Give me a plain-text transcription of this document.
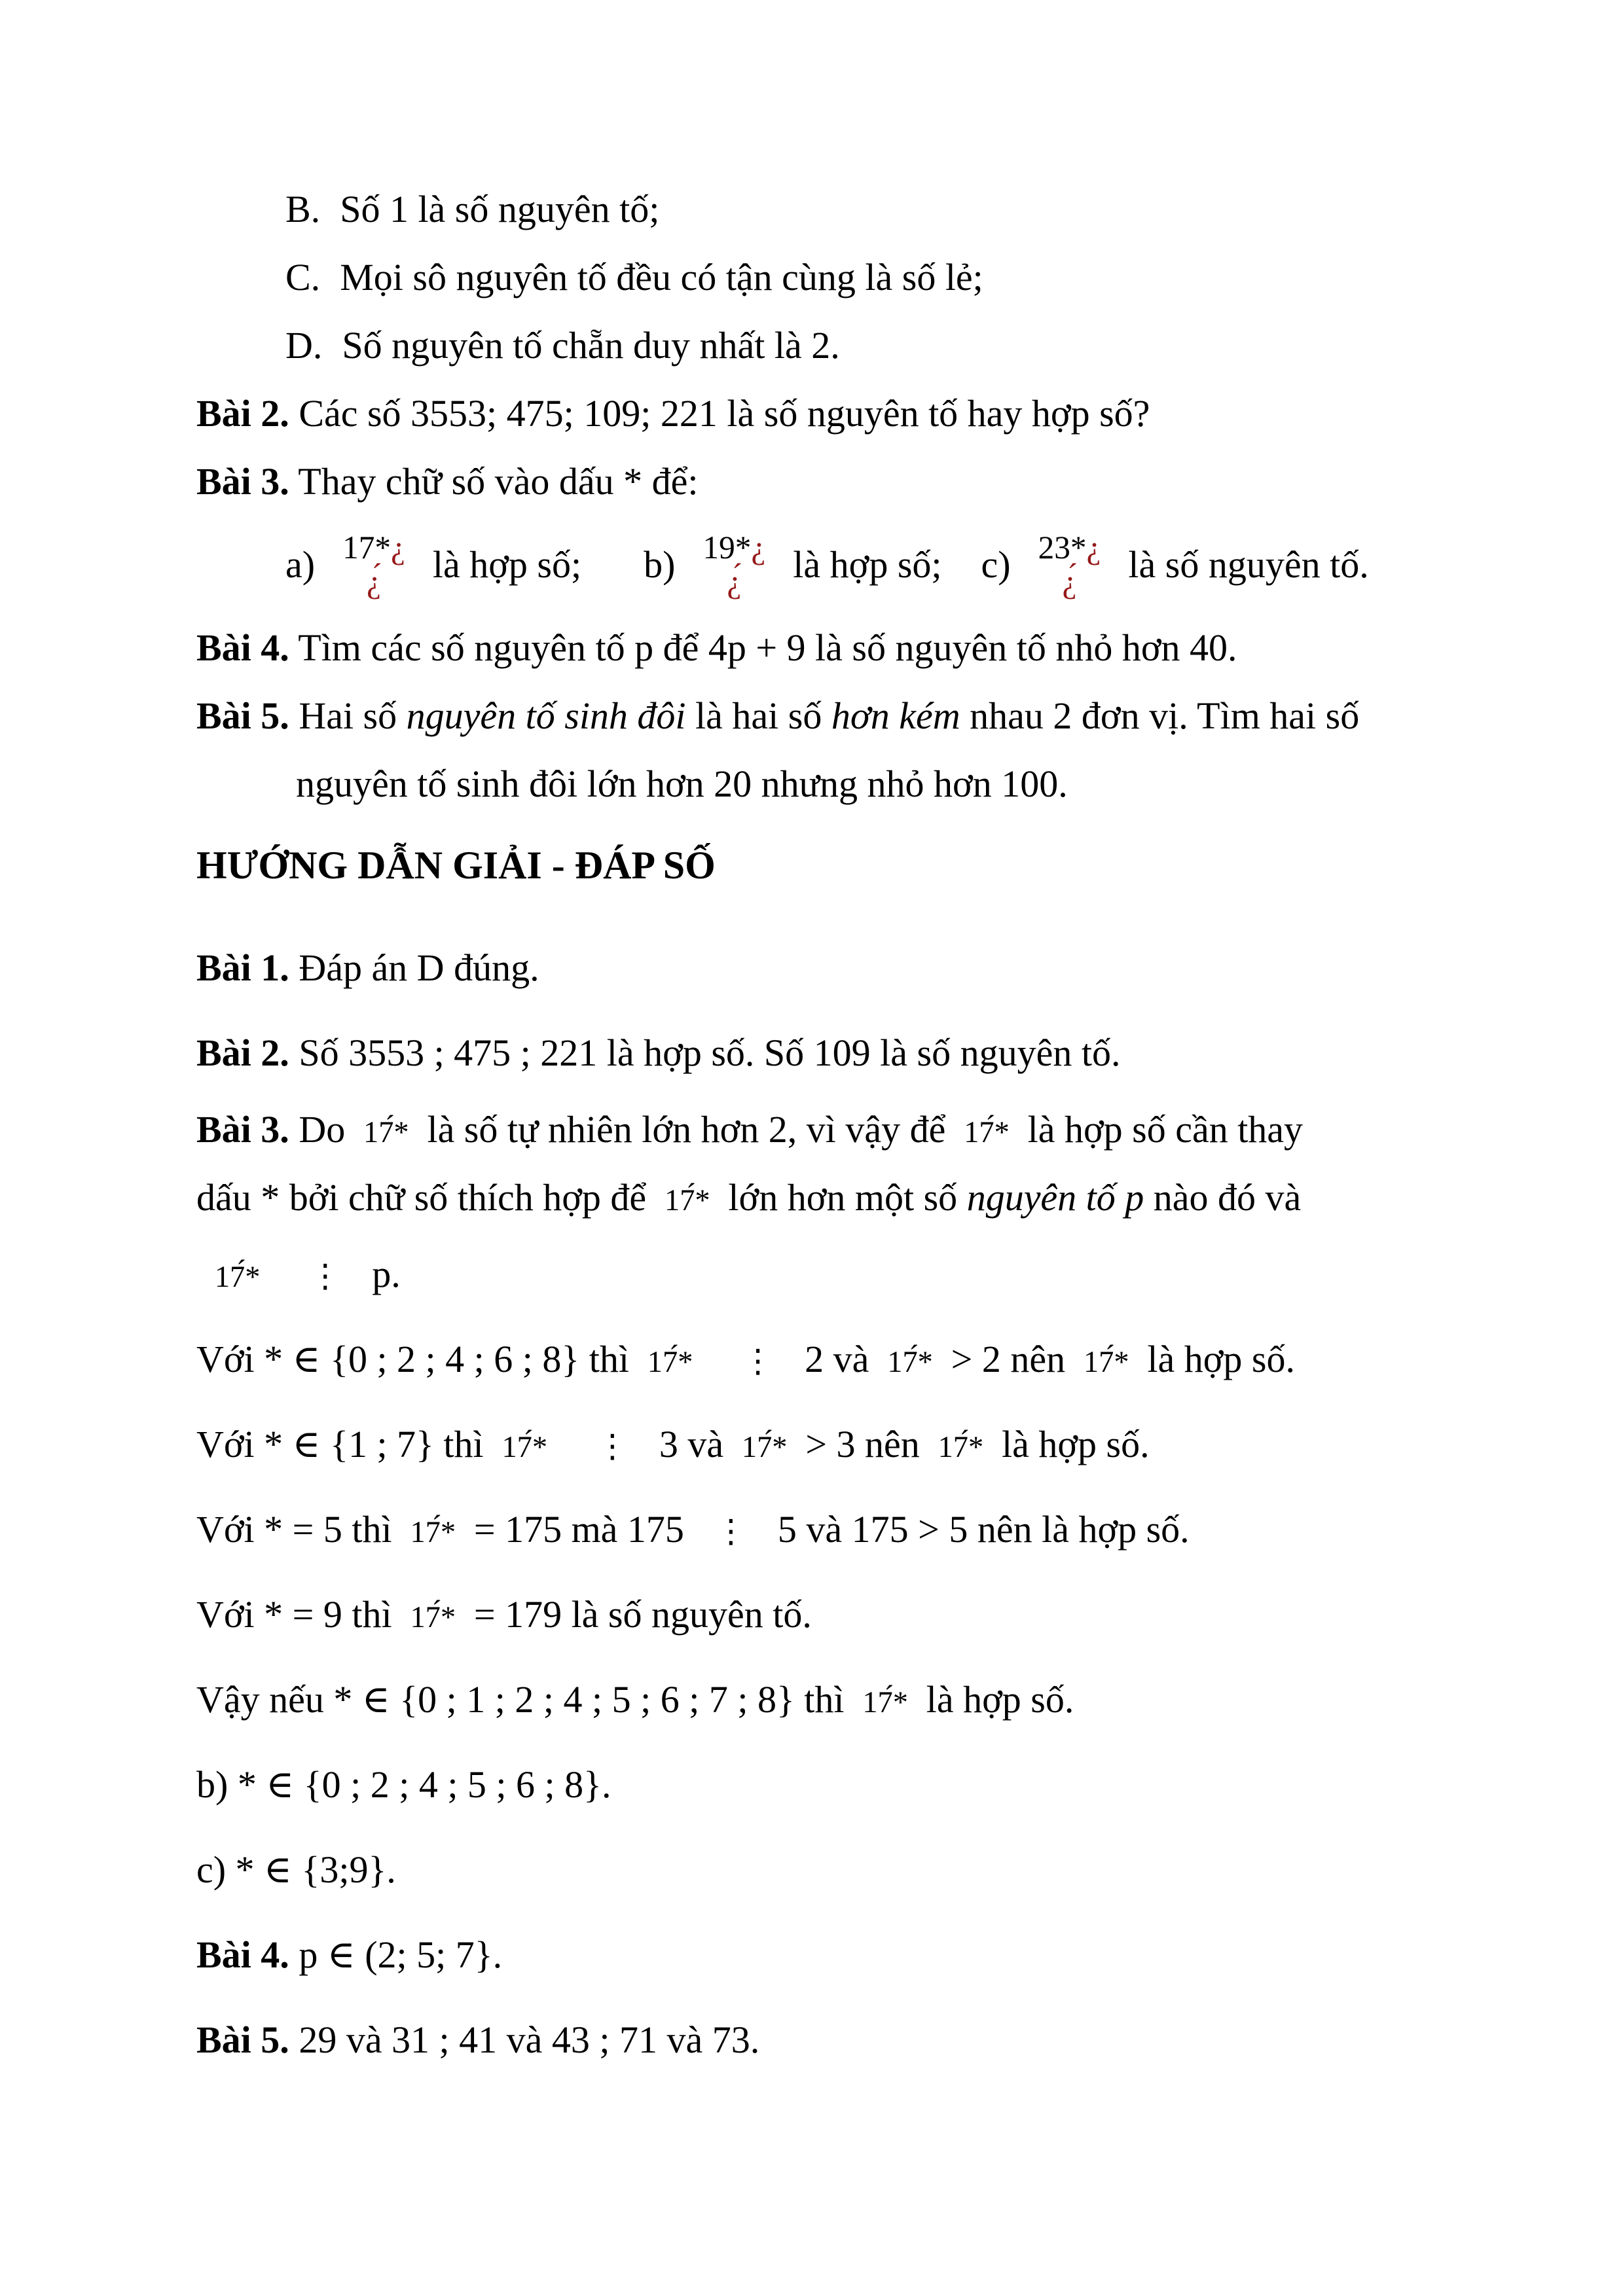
B. Số 1 là số nguyên tố;
C. Mọi sô nguyên tố đều có tận cùng là số lẻ;
D. Số nguyên tố chẵn duy nhất là 2.
Bài 2. Các số 3553; 475; 109; 221 là số nguyên tố hay hợp số?
Bài 3. Thay chữ số vào dấu * để:
a) 17*¿
¿́ là hợp số; b) 19*¿
¿́ là hợp số; c) 23*¿
¿́ là số nguyên tố.
Bài 4. Tìm các số nguyên tố p để 4p + 9 là số nguyên tố nhỏ hơn 40.
Bài 5. Hai số nguyên tố sinh đôi là hai số hơn kém nhau 2 đơn vị. Tìm hai số
nguyên tố sinh đôi lớn hơn 20 nhưng nhỏ hơn 100.
HƯỚNG DẪN GIẢI - ĐÁP SỐ
Bài 1. Đáp án D đúng.
Bài 2. Số 3553 ; 475 ; 221 là hợp số. Số 109 là số nguyên tố.
Bài 3. Do 17́* là số tự nhiên lớn hơn 2, vì vậy để 17́* là hợp số cần thay
dấu * bởi chữ số thích hợp để 17́* lớn hơn một số nguyên tố p nào đó và
17́* ⋮ p.
Với * ∈ {0 ; 2 ; 4 ; 6 ; 8} thì 17́* ⋮ 2 và 17́* > 2 nên 17́* là hợp số.
Với * ∈ {1 ; 7} thì 17́* ⋮ 3 và 17́* > 3 nên 17́* là hợp số.
Với * = 5 thì 17́* = 175 mà 175 ⋮ 5 và 175 > 5 nên là hợp số.
Với * = 9 thì 17́* = 179 là số nguyên tố.
Vậy nếu * ∈ {0 ; 1 ; 2 ; 4 ; 5 ; 6 ; 7 ; 8} thì 17́* là hợp số.
b) * ∈ {0 ; 2 ; 4 ; 5 ; 6 ; 8}.
c) * ∈ {3;9}.
Bài 4. p ∈ (2; 5; 7}.
Bài 5. 29 và 31 ; 41 và 43 ; 71 và 73.
